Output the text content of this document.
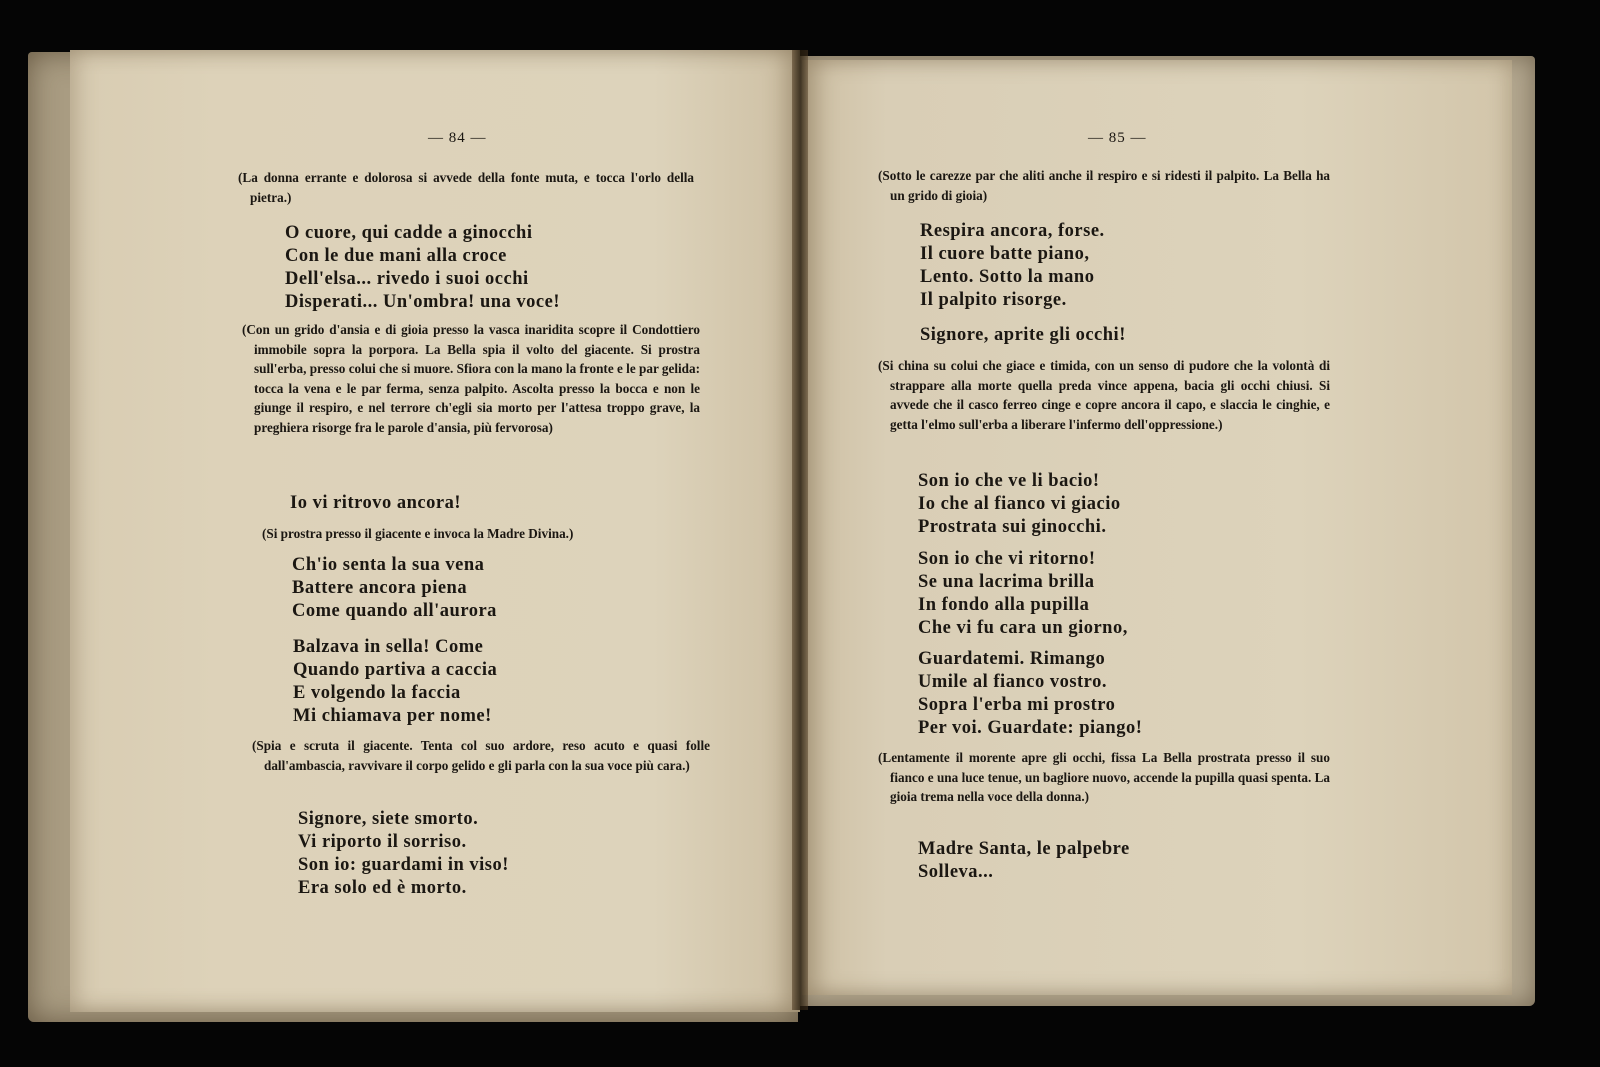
— 84 —

(La donna errante e dolorosa si avvede della fonte muta, e tocca l'orlo della pietra.)

O cuore, qui cadde a ginocchi
Con le due mani alla croce
Dell'elsa... rivedo i suoi occhi
Disperati... Un'ombra! una voce!

(Con un grido d'ansia e di gioia presso la vasca inaridita scopre il Condottiero immobile sopra la porpora. La Bella spia il volto del giacente. Si prostra sull'erba, presso colui che si muore. Sfiora con la mano la fronte e le par gelida: tocca la vena e le par ferma, senza palpito. Ascolta presso la bocca e non le giunge il respiro, e nel terrore ch'egli sia morto per l'attesa troppo grave, la preghiera risorge fra le parole d'ansia, più fervorosa)

Io vi ritrovo ancora!

(Si prostra presso il giacente e invoca la Madre Divina.)

Ch'io senta la sua vena
Battere ancora piena
Come quando all'aurora
Balzava in sella! Come
Quando partiva a caccia
E volgendo la faccia
Mi chiamava per nome!

(Spia e scruta il giacente. Tenta col suo ardore, reso acuto e quasi folle dall'ambascia, ravvivare il corpo gelido e gli parla con la sua voce più cara.)

Signore, siete smorto.
Vi riporto il sorriso.
Son io: guardami in viso!
Era solo ed è morto.
— 85 —

(Sotto le carezze par che aliti anche il respiro e si ridesti il palpito. La Bella ha un grido di gioia)

Respira ancora, forse.
Il cuore batte piano,
Lento. Sotto la mano
Il palpito risorge.
Signore, aprite gli occhi!

(Si china su colui che giace e timida, con un senso di pudore che la volontà di strappare alla morte quella preda vince appena, bacia gli occhi chiusi. Si avvede che il casco ferreo cinge e copre ancora il capo, e slaccia le cinghie, e getta l'elmo sull'erba a liberare l'infermo dell'oppressione.)

Son io che ve li bacio!
Io che al fianco vi giacio
Prostrata sui ginocchi.
Son io che vi ritorno!
Se una lacrima brilla
In fondo alla pupilla
Che vi fu cara un giorno,
Guardatemi. Rimango
Umile al fianco vostro.
Sopra l'erba mi prostro
Per voi. Guardate: piango!

(Lentamente il morente apre gli occhi, fissa La Bella prostrata presso il suo fianco e una luce tenue, un bagliore nuovo, accende la pupilla quasi spenta. La gioia trema nella voce della donna.)

Madre Santa, le palpebre
Solleva...
